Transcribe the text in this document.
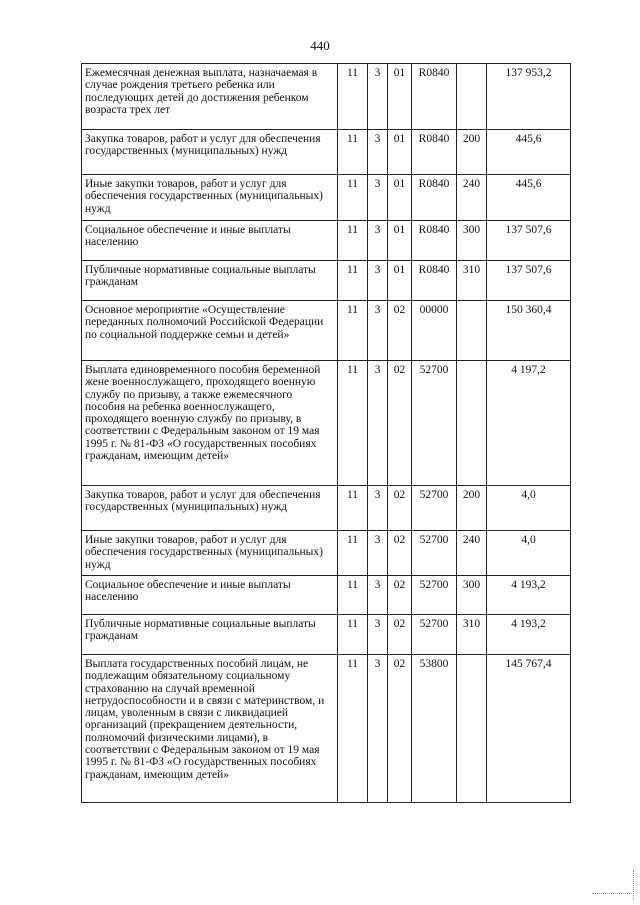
440
Ежемесячная денежная выплата, назначаемая в случае рождения третьего ребенка или последующих детей до достижения ребенком возраста трех лет	11	3	01	R0840		137 953,2
Закупка товаров, работ и услуг для обеспечения государственных (муниципальных) нужд	11	3	01	R0840	200	445,6
Иные закупки товаров, работ и услуг для обеспечения государственных (муниципальных) нужд	11	3	01	R0840	240	445,6
Социальное обеспечение и иные выплаты населению	11	3	01	R0840	300	137 507,6
Публичные нормативные социальные выплаты гражданам	11	3	01	R0840	310	137 507,6
Основное мероприятие «Осуществление переданных полномочий Российской Федерации по социальной поддержке семьи и детей»	11	3	02	00000		150 360,4
Выплата единовременного пособия беременной жене военнослужащего, проходящего военную службу по призыву, а также ежемесячного пособия на ребенка военнослужащего, проходящего военную службу по призыву, в соответствии с Федеральным законом от 19 мая 1995 г. № 81-ФЗ «О государственных пособиях гражданам, имеющим детей»	11	3	02	52700		4 197,2
Закупка товаров, работ и услуг для обеспечения государственных (муниципальных) нужд	11	3	02	52700	200	4,0
Иные закупки товаров, работ и услуг для обеспечения государственных (муниципальных) нужд	11	3	02	52700	240	4,0
Социальное обеспечение и иные выплаты населению	11	3	02	52700	300	4 193,2
Публичные нормативные социальные выплаты гражданам	11	3	02	52700	310	4 193,2
Выплата государственных пособий лицам, не подлежащим обязательному социальному страхованию на случай временной нетрудоспособности и в связи с материнством, и лицам, уволенным в связи с ликвидацией организаций (прекращением деятельности, полномочий физическими лицами), в соответствии с Федеральным законом от 19 мая 1995 г. № 81-ФЗ «О государственных пособиях гражданам, имеющим детей»	11	3	02	53800		145 767,4
